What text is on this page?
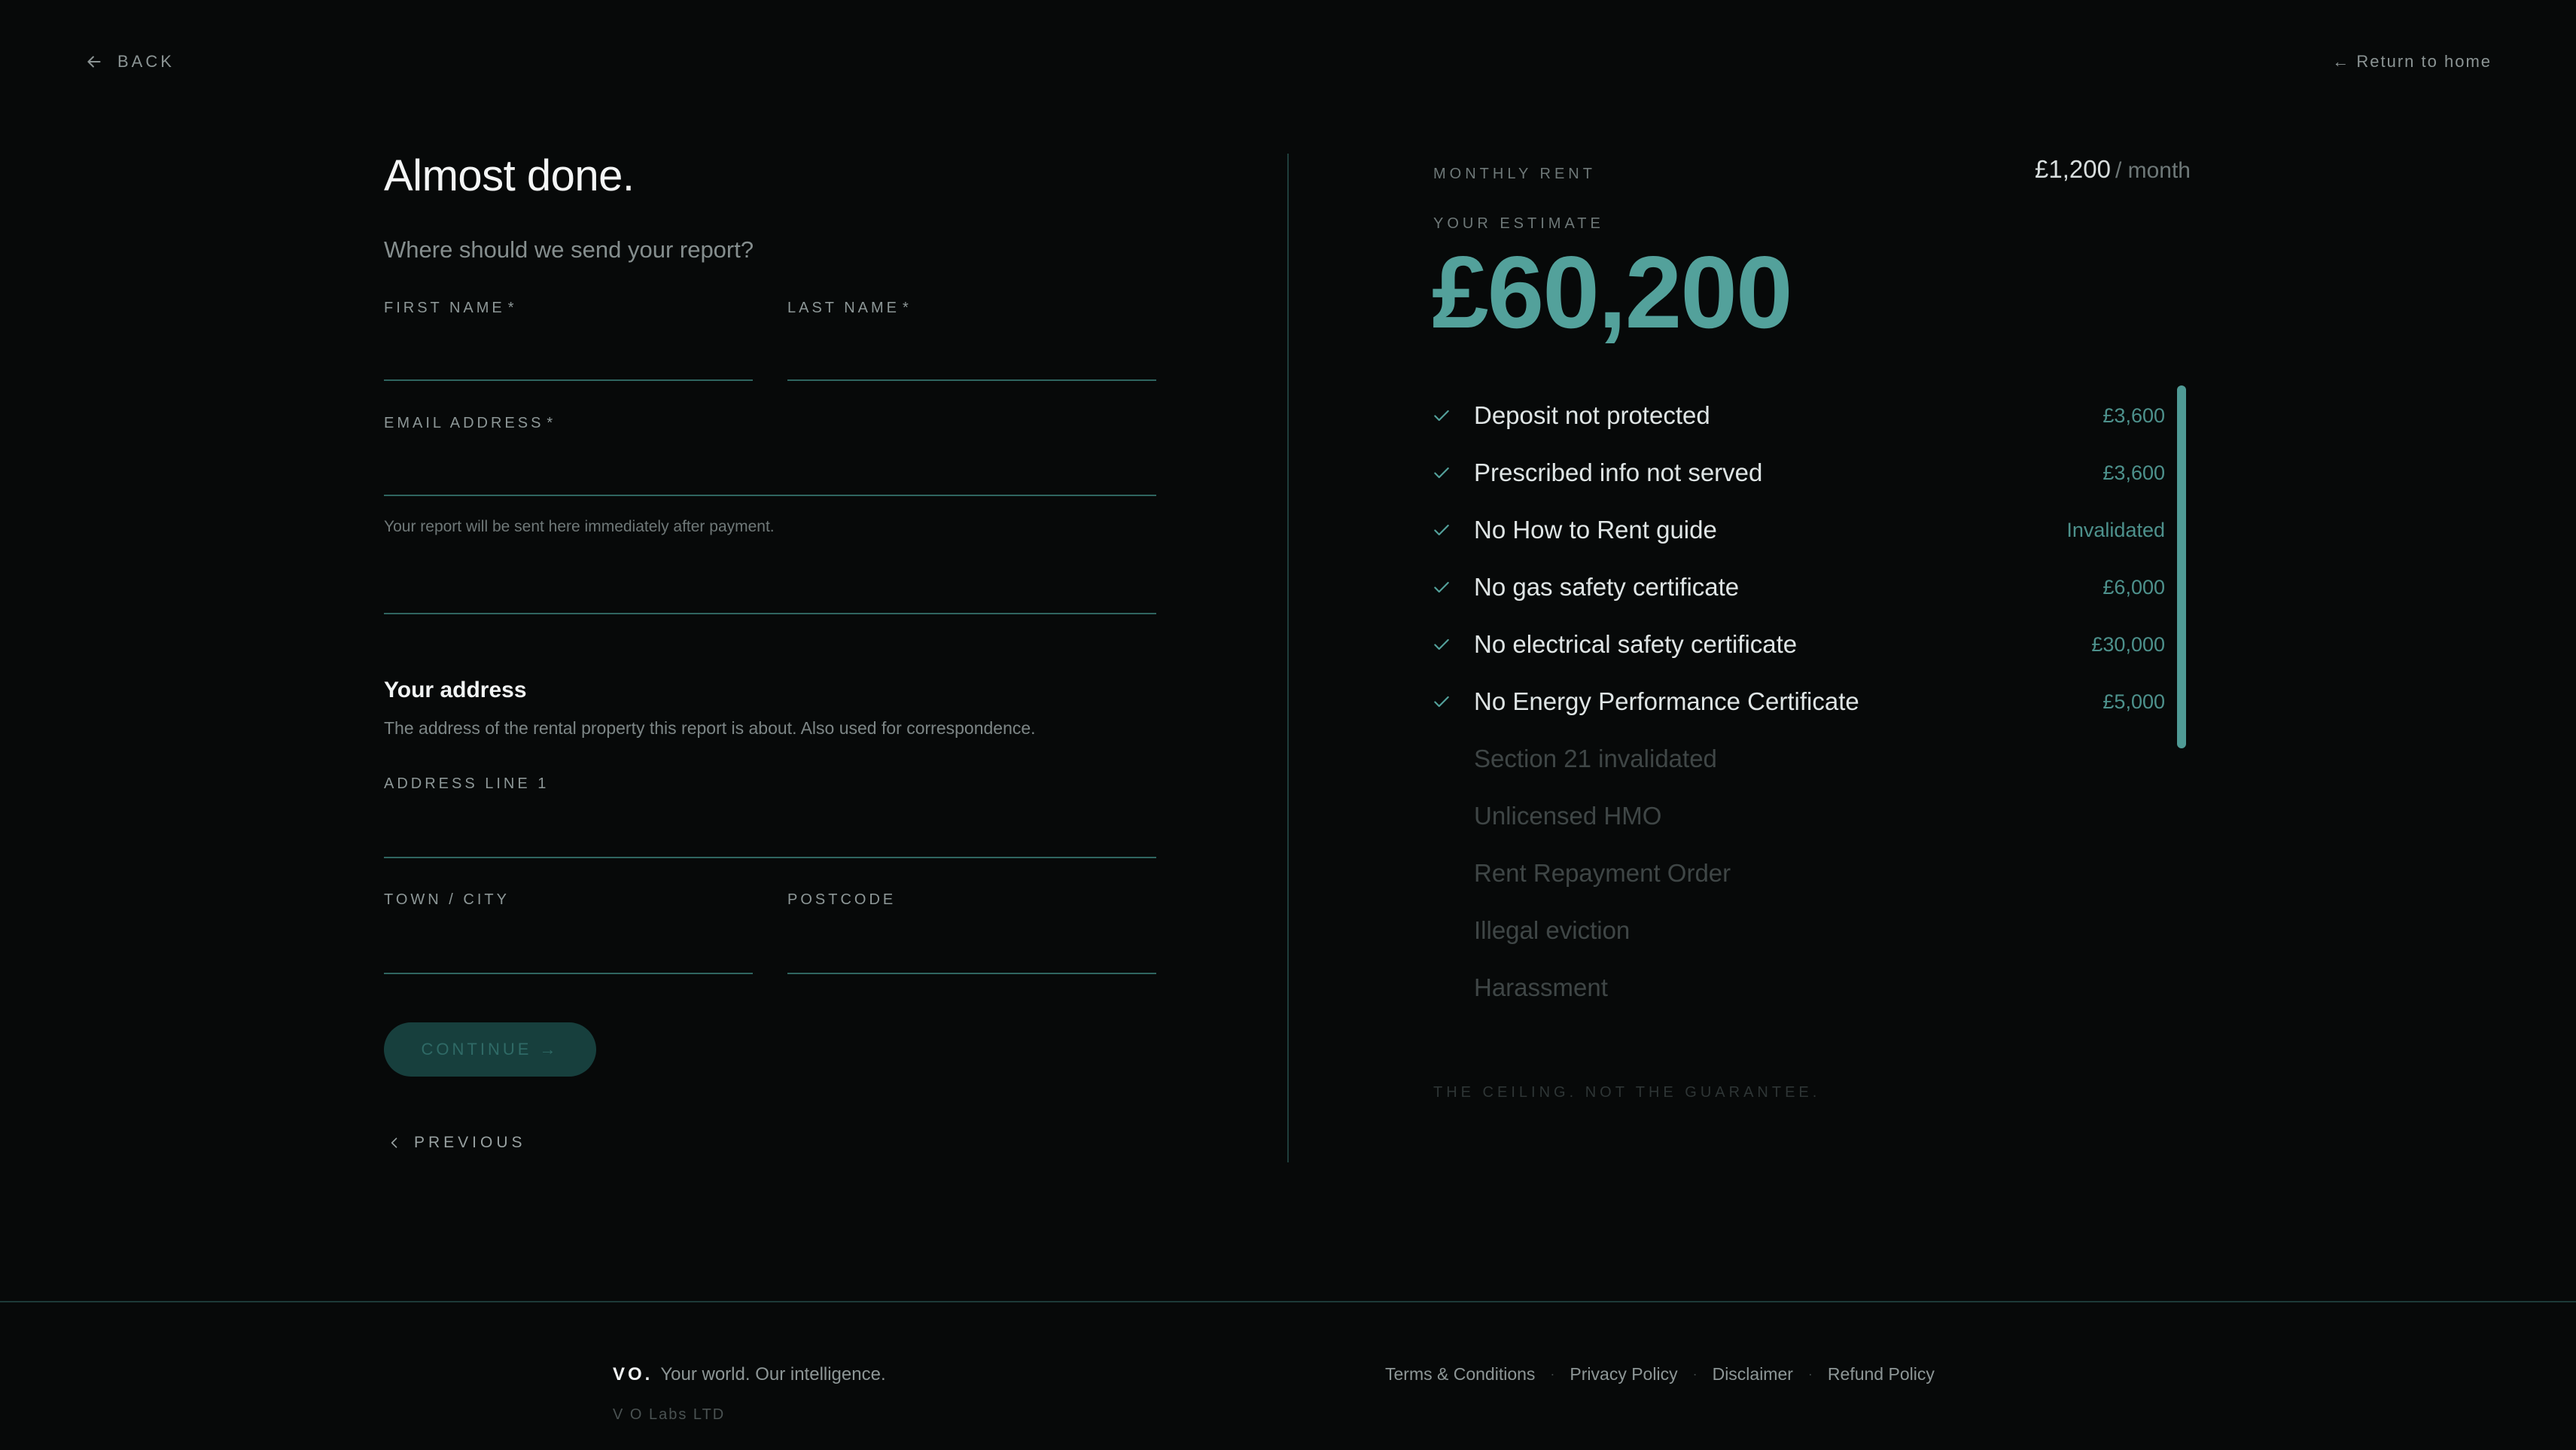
BACK	← Return to home
Almost done.

Where should we send your report?

FIRST NAME *	LAST NAME *
EMAIL ADDRESS *

Your report will be sent here immediately after payment.

Your address

The address of the rental property this report is about. Also used for correspondence.

ADDRESS LINE 1
TOWN / CITY	POSTCODE
CONTINUE →
PREVIOUS
MONTHLY RENT	£1,200 / month
YOUR ESTIMATE
£60,200
Deposit not protected	£3,600
Prescribed info not served	£3,600
No How to Rent guide	Invalidated
No gas safety certificate	£6,000
No electrical safety certificate	£30,000
No Energy Performance Certificate	£5,000
Section 21 invalidated
Unlicensed HMO
Rent Repayment Order
Illegal eviction
Harassment
THE CEILING. NOT THE GUARANTEE.
VO. Your world. Our intelligence.
V O Labs LTD
Terms & Conditions · Privacy Policy · Disclaimer · Refund Policy
